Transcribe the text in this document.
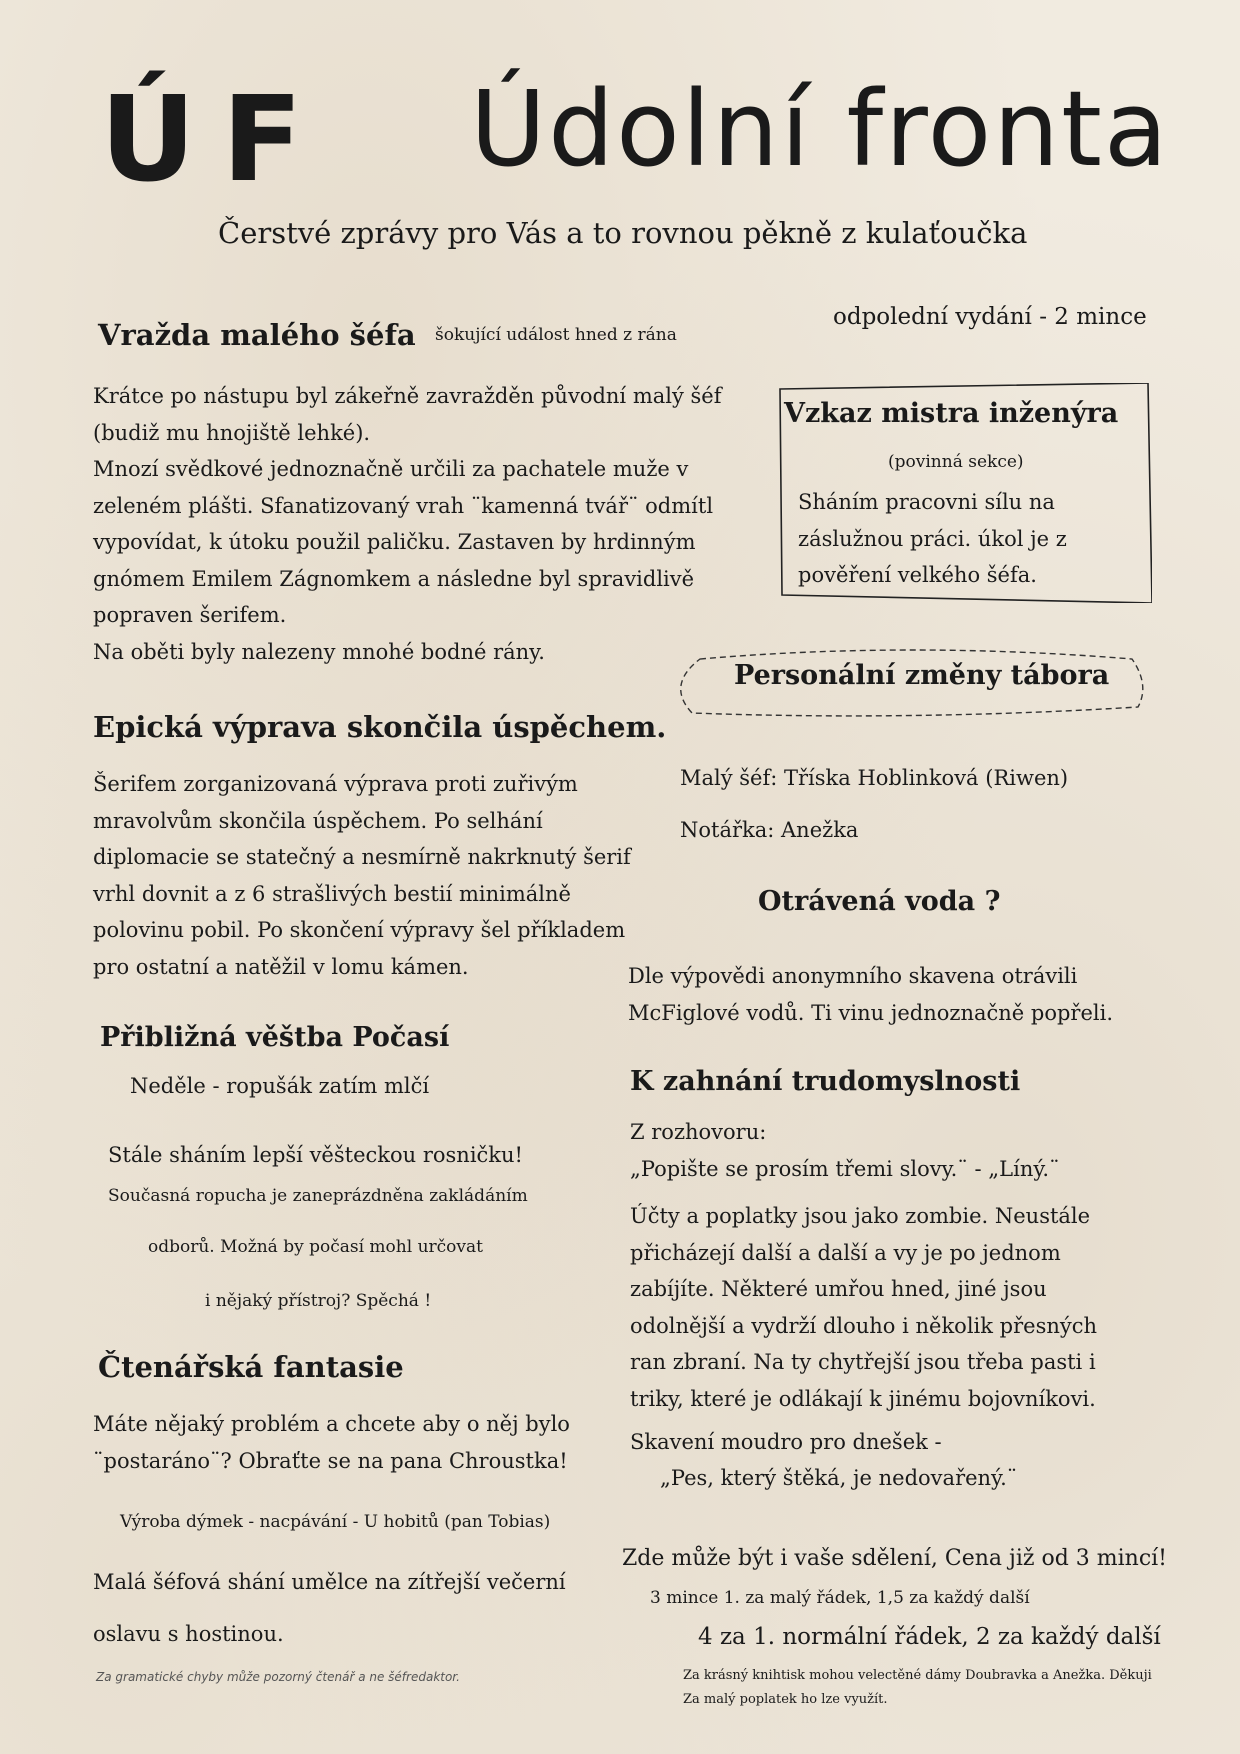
ÚF Údolní fronta
Čerstvé zprávy pro Vás a to rovnou pěkně z kulaťoučka
odpolední vydání - 2 mince
Vražda malého šéfa šokující událost hned z rána
Krátce po nástupu byl zákeřně zavražděn původní malý šéf
(budiž mu hnojiště lehké).
Mnozí svědkové jednoznačně určili za pachatele muže v
zeleném plášti. Sfanatizovaný vrah ¨kamenná tvář¨ odmítl
vypovídat, k útoku použil paličku. Zastaven by hrdinným
gnómem Emilem Zágnomkem a následne byl spravidlivě
popraven šerifem.
Na oběti byly nalezeny mnohé bodné rány.
Vzkaz mistra inženýra
(povinná sekce)
Sháním pracovni sílu na
záslužnou práci. úkol je z
pověření velkého šéfa.
Personální změny tábora
Malý šéf: Tříska Hoblinková (Riwen)
Notářka: Anežka
Epická výprava skončila úspěchem.
Šerifem zorganizovaná výprava proti zuřivým
mravolvům skončila úspěchem. Po selhání
diplomacie se statečný a nesmírně nakrknutý šerif
vrhl dovnit a z 6 strašlivých bestií minimálně
polovinu pobil. Po skončení výpravy šel příkladem
pro ostatní a natěžil v lomu kámen.
Otrávená voda ?
Dle výpovědi anonymního skavena otrávili
McFiglové vodů. Ti vinu jednoznačně popřeli.
Přibližná věštba Počasí
Neděle - ropušák zatím mlčí
Stále sháním lepší věšteckou rosničku!
Současná ropucha je zaneprázdněna zakládáním
odborů. Možná by počasí mohl určovat
i nějaký přístroj? Spěchá !
K zahnání trudomyslnosti
Z rozhovoru:
„Popište se prosím třemi slovy.¨ - „Líný.¨
Účty a poplatky jsou jako zombie. Neustále
přicházejí další a další a vy je po jednom
zabíjíte. Některé umřou hned, jiné jsou
odolnější a vydrží dlouho i několik přesných
ran zbraní. Na ty chytřejší jsou třeba pasti i
triky, které je odlákají k jinému bojovníkovi.
Skavení moudro pro dnešek -
„Pes, který štěká, je nedovařený.¨
Čtenářská fantasie
Máte nějaký problém a chcete aby o něj bylo
¨postaráno¨? Obraťte se na pana Chroustka!
Výroba dýmek - nacpávání - U hobitů (pan Tobias)
Malá šéfová shání umělce na zítřejší večerní
oslavu s hostinou.
Zde může být i vaše sdělení, Cena již od 3 mincí!
3 mince 1. za malý řádek, 1,5 za každý další
4 za 1. normální řádek, 2 za každý další
Za gramatické chyby může pozorný čtenář a ne šéfredaktor.	Za krásný knihtisk mohou velectěné dámy Doubravka a Anežka. Děkuji
Za malý poplatek ho lze využít.
